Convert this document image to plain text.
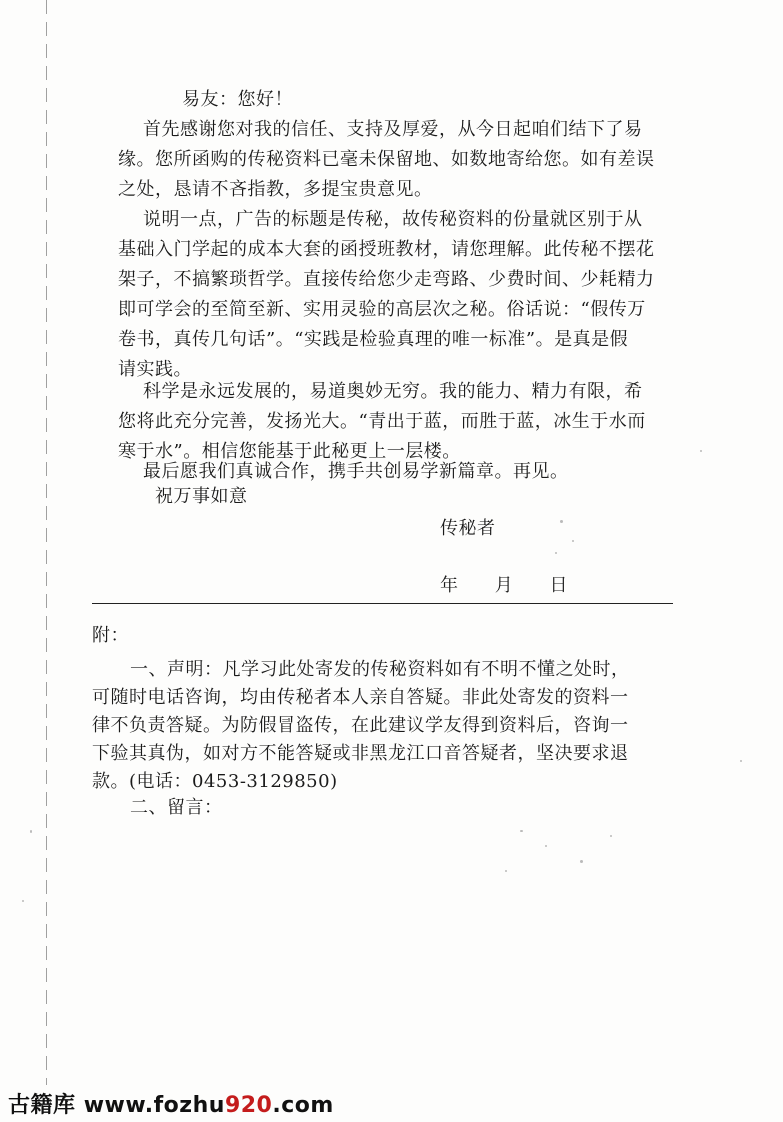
易友：您好！
首先感谢您对我的信任、支持及厚爱，从今日起咱们结下了易
缘。您所函购的传秘资料已毫未保留地、如数地寄给您。如有差误
之处，恳请不吝指教，多提宝贵意见。
说明一点，广告的标题是传秘，故传秘资料的份量就区别于从
基础入门学起的成本大套的函授班教材，请您理解。此传秘不摆花
架子，不搞繁琐哲学。直接传给您少走弯路、少费时间、少耗精力
即可学会的至简至新、实用灵验的高层次之秘。俗话说：“假传万
卷书，真传几句话”。“实践是检验真理的唯一标准”。是真是假
请实践。
科学是永远发展的，易道奥妙无穷。我的能力、精力有限，希
您将此充分完善，发扬光大。“青出于蓝，而胜于蓝，冰生于水而
寒于水”。相信您能基于此秘更上一层楼。
最后愿我们真诚合作，携手共创易学新篇章。再见。
祝万事如意
传秘者
年 月 日
附：
一、声明：凡学习此处寄发的传秘资料如有不明不懂之处时，
可随时电话咨询，均由传秘者本人亲自答疑。非此处寄发的资料一
律不负责答疑。为防假冒盗传，在此建议学友得到资料后，咨询一
下验其真伪，如对方不能答疑或非黑龙江口音答疑者，坚决要求退
款。(电话：0453-3129850)
二、留言：
古籍库 www.fozhu920.com
